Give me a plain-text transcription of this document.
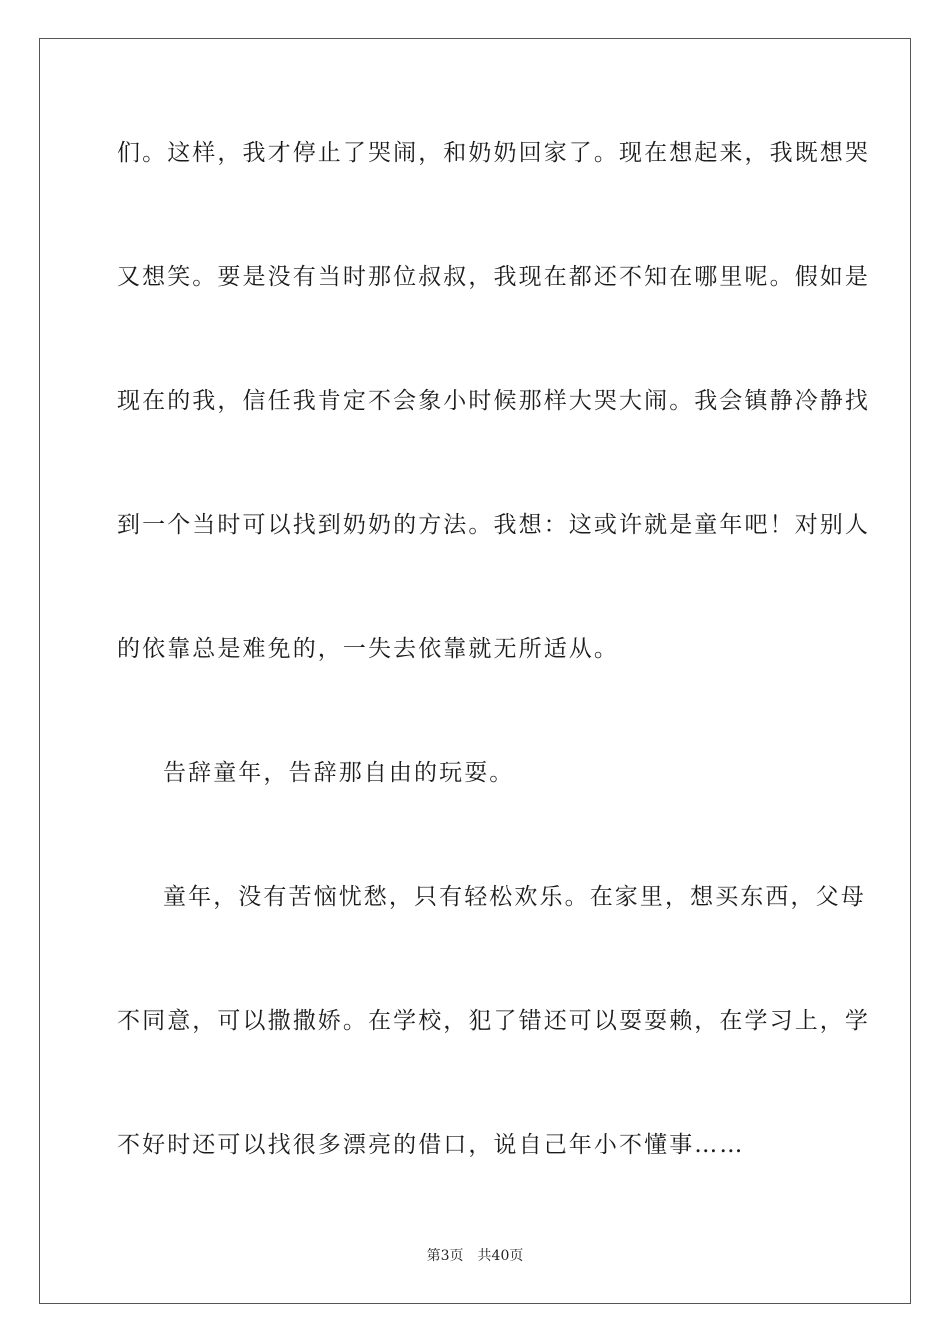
们。这样，我才停止了哭闹，和奶奶回家了。现在想起来，我既想哭
又想笑。要是没有当时那位叔叔，我现在都还不知在哪里呢。假如是
现在的我，信任我肯定不会象小时候那样大哭大闹。我会镇静冷静找
到一个当时可以找到奶奶的方法。我想：这或许就是童年吧！对别人
的依靠总是难免的，一失去依靠就无所适从。
告辞童年，告辞那自由的玩耍。
童年，没有苦恼忧愁，只有轻松欢乐。在家里，想买东西，父母
不同意，可以撒撒娇。在学校，犯了错还可以耍耍赖，在学习上，学
不好时还可以找很多漂亮的借口，说自己年小不懂事……
第3页 共40页
